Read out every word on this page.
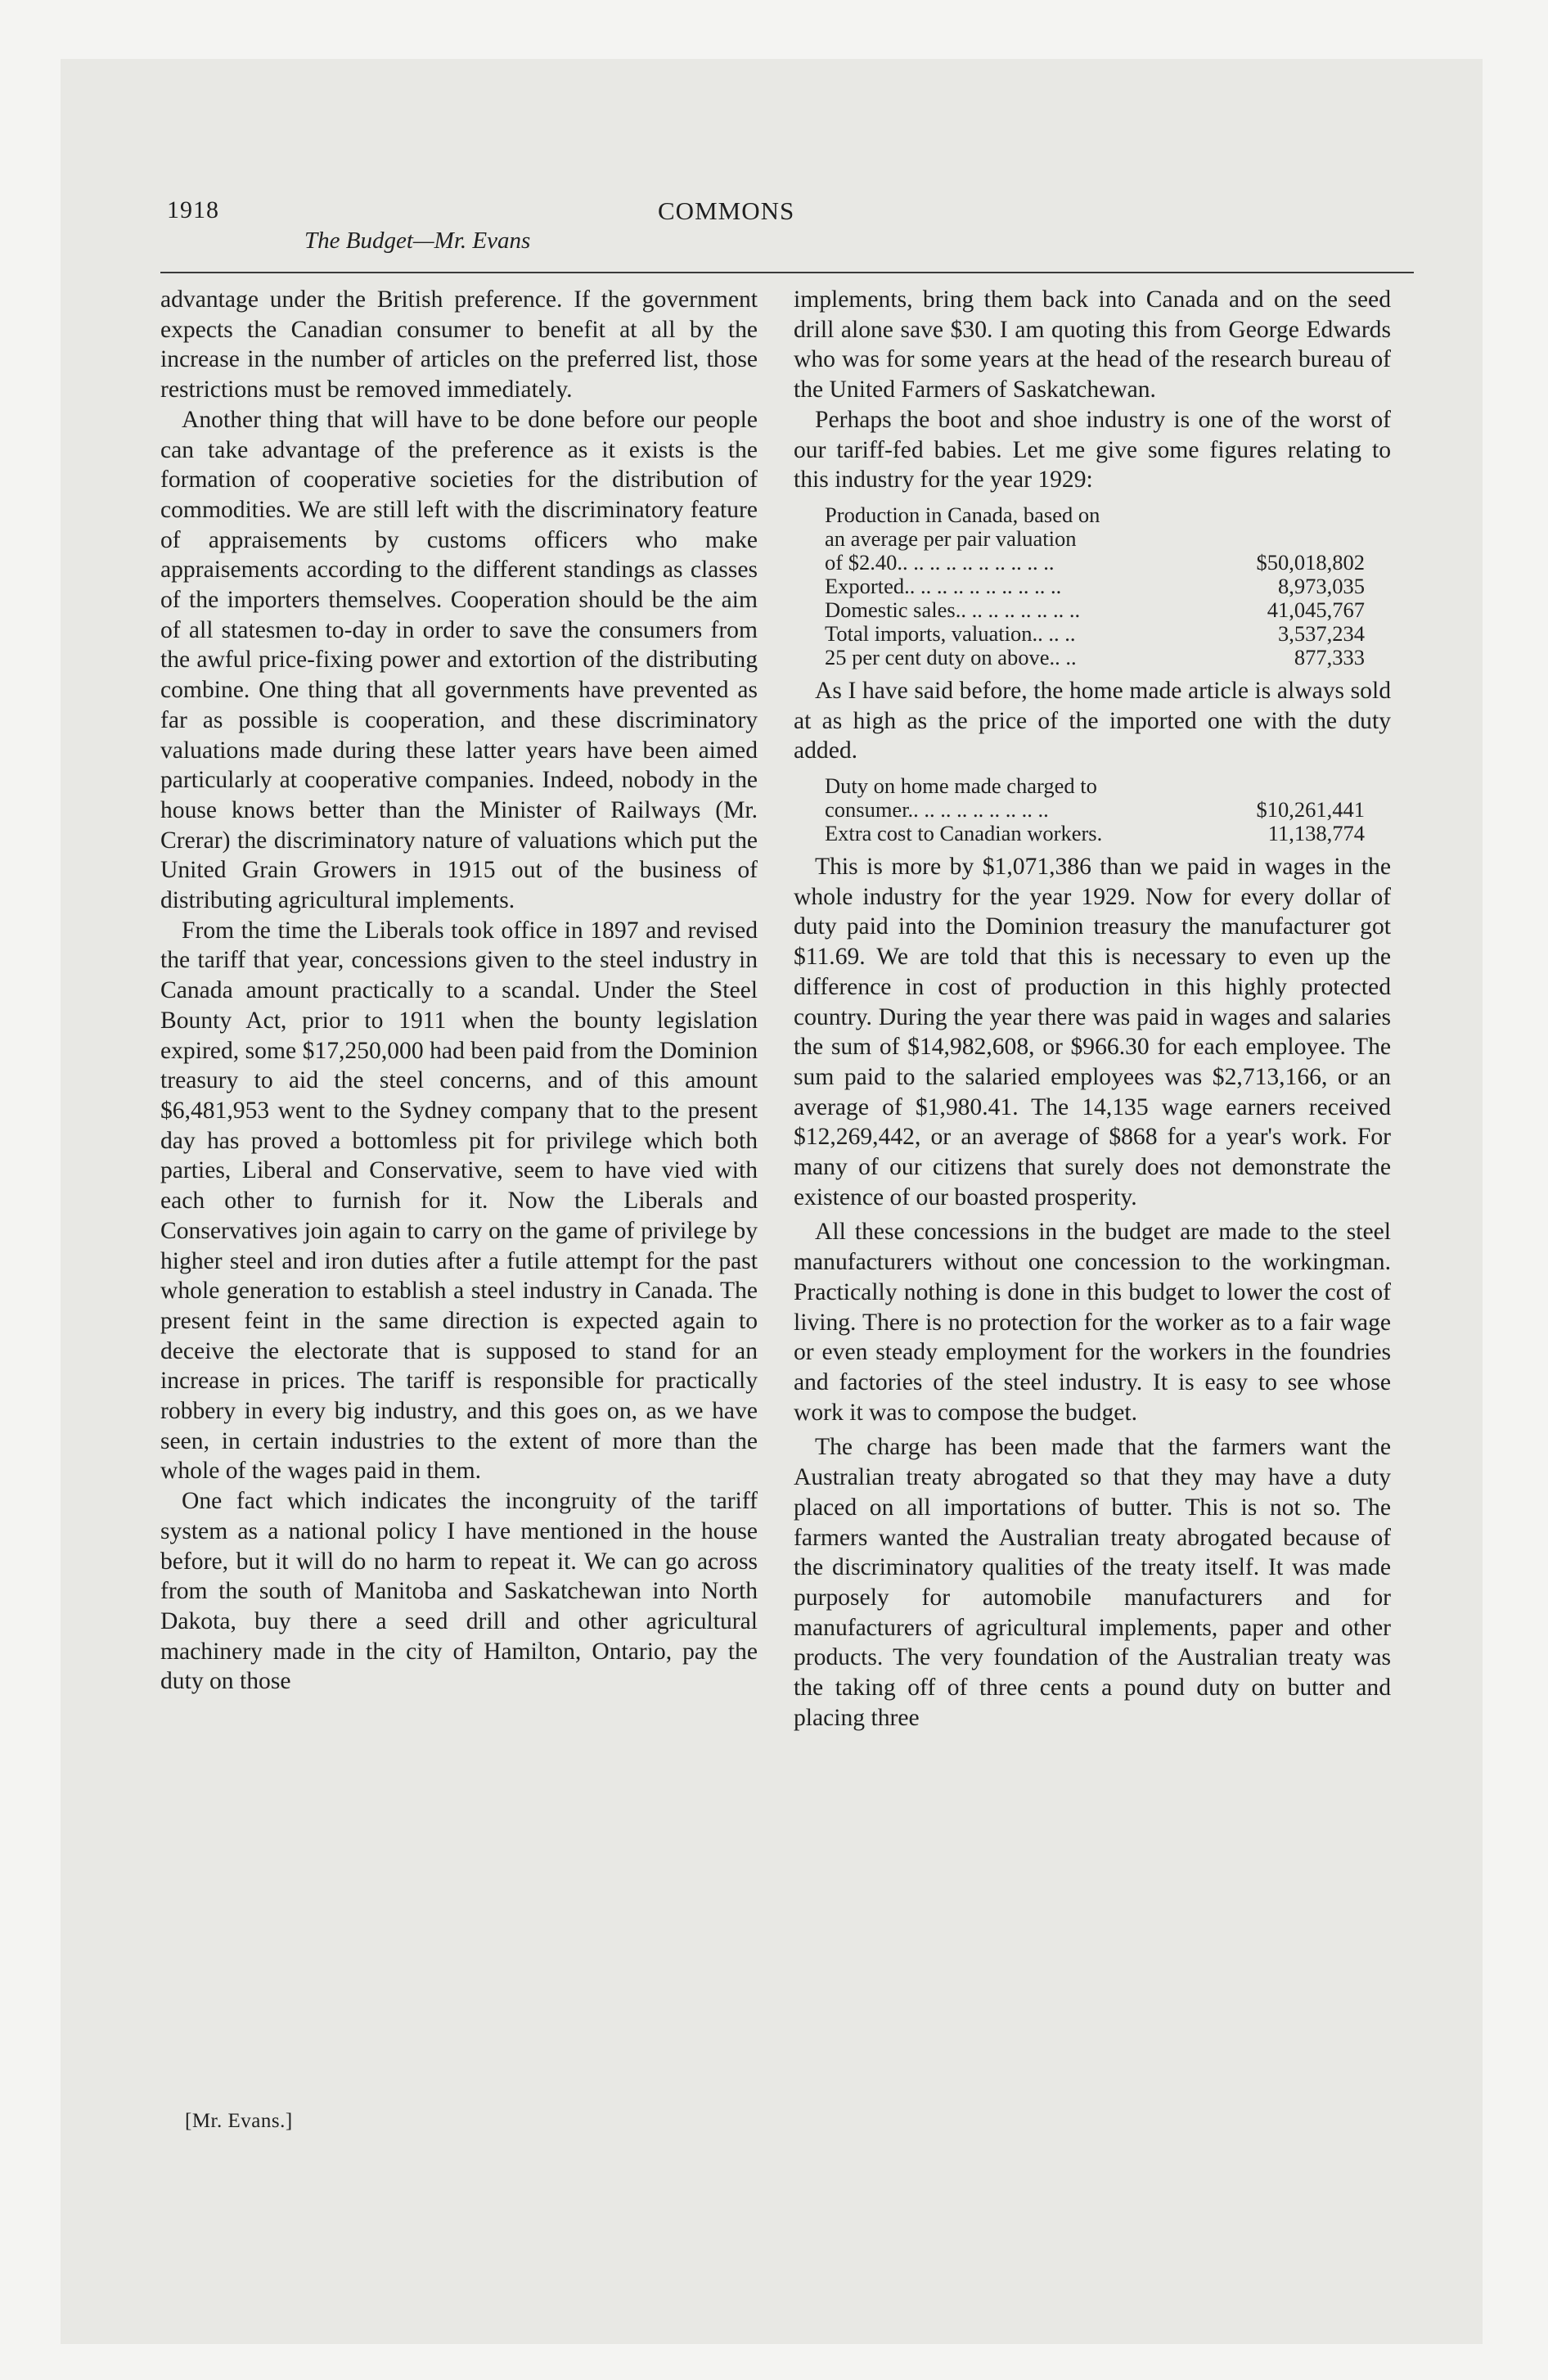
1918
The Budget—Mr. Evans
COMMONS

advantage under the British preference. If the government expects the Canadian consumer to benefit at all by the increase in the number of articles on the preferred list, those restrictions must be removed immediately.

Another thing that will have to be done before our people can take advantage of the preference as it exists is the formation of cooperative societies for the distribution of commodities. We are still left with the discriminatory feature of appraisements by customs officers who make appraisements according to the different standings as classes of the importers themselves. Cooperation should be the aim of all statesmen to-day in order to save the consumers from the awful price-fixing power and extortion of the distributing combine. One thing that all governments have prevented as far as possible is cooperation, and these discriminatory valuations made during these latter years have been aimed particularly at cooperative companies. Indeed, nobody in the house knows better than the Minister of Railways (Mr. Crerar) the discriminatory nature of valuations which put the United Grain Growers in 1915 out of the business of distributing agricultural implements.

From the time the Liberals took office in 1897 and revised the tariff that year, concessions given to the steel industry in Canada amount practically to a scandal. Under the Steel Bounty Act, prior to 1911 when the bounty legislation expired, some $17,250,000 had been paid from the Dominion treasury to aid the steel concerns, and of this amount $6,481,953 went to the Sydney company that to the present day has proved a bottomless pit for privilege which both parties, Liberal and Conservative, seem to have vied with each other to furnish for it. Now the Liberals and Conservatives join again to carry on the game of privilege by higher steel and iron duties after a futile attempt for the past whole generation to establish a steel industry in Canada. The present feint in the same direction is expected again to deceive the electorate that is supposed to stand for an increase in prices. The tariff is responsible for practically robbery in every big industry, and this goes on, as we have seen, in certain industries to the extent of more than the whole of the wages paid in them.

One fact which indicates the incongruity of the tariff system as a national policy I have mentioned in the house before, but it will do no harm to repeat it. We can go across from the south of Manitoba and Saskatchewan into North Dakota, buy there a seed drill and other agricultural machinery made in the city of Hamilton, Ontario, pay the duty on those

implements, bring them back into Canada and on the seed drill alone save $30. I am quoting this from George Edwards who was for some years at the head of the research bureau of the United Farmers of Saskatchewan.

Perhaps the boot and shoe industry is one of the worst of our tariff-fed babies. Let me give some figures relating to this industry for the year 1929:

Production in Canada, based on
an average per pair valuation
of $2.40.. .. .. .. .. .. .. .. .. ..	$50,018,802
Exported.. .. .. .. .. .. .. .. .. ..	8,973,035
Domestic sales.. .. .. .. .. .. .. ..	41,045,767
Total imports, valuation.. .. ..	3,537,234
25 per cent duty on above.. ..	877,333

As I have said before, the home made article is always sold at as high as the price of the imported one with the duty added.

Duty on home made charged to
consumer.. .. .. .. .. .. .. .. ..	$10,261,441
Extra cost to Canadian workers.	11,138,774

This is more by $1,071,386 than we paid in wages in the whole industry for the year 1929. Now for every dollar of duty paid into the Dominion treasury the manufacturer got $11.69. We are told that this is necessary to even up the difference in cost of production in this highly protected country. During the year there was paid in wages and salaries the sum of $14,982,608, or $966.30 for each employee. The sum paid to the salaried employees was $2,713,166, or an average of $1,980.41. The 14,135 wage earners received $12,269,442, or an average of $868 for a year's work. For many of our citizens that surely does not demonstrate the existence of our boasted prosperity.

All these concessions in the budget are made to the steel manufacturers without one concession to the workingman. Practically nothing is done in this budget to lower the cost of living. There is no protection for the worker as to a fair wage or even steady employment for the workers in the foundries and factories of the steel industry. It is easy to see whose work it was to compose the budget.

The charge has been made that the farmers want the Australian treaty abrogated so that they may have a duty placed on all importations of butter. This is not so. The farmers wanted the Australian treaty abrogated because of the discriminatory qualities of the treaty itself. It was made purposely for automobile manufacturers and for manufacturers of agricultural implements, paper and other products. The very foundation of the Australian treaty was the taking off of three cents a pound duty on butter and placing three

[Mr. Evans.]
